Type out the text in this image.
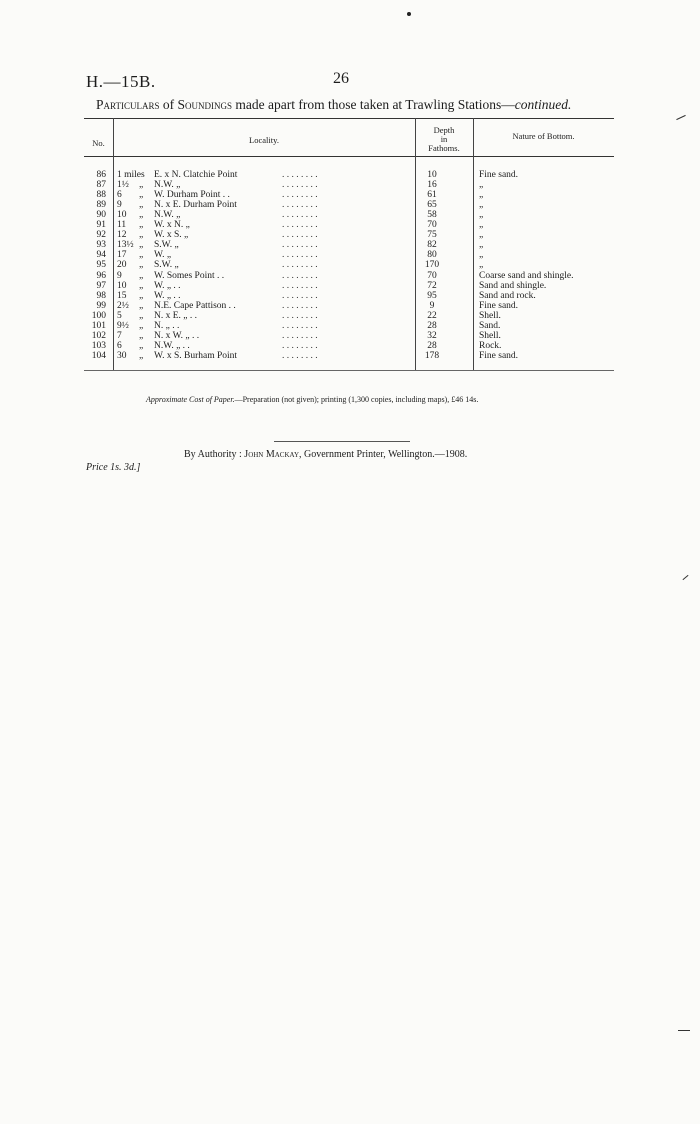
H.—15B.	26
Particulars of Soundings made apart from those taken at Trawling Stations—continued.
No.	Locality.
Depth
in
Fathoms.
Nature of Bottom.
86 1 miles E. x N. Clatchie Point	. . . . . . . .	10	Fine sand.
87 1½ „ N.W. „	. . . . . . . .	16	„
88 6 „ W. Durham Point . .	. . . . . . . .	61	„
89 9 „ N. x E. Durham Point	. . . . . . . .	65	„
90 10 „ N.W. „	. . . . . . . .	58	„
91 11 „ W. x N. „	. . . . . . . .	70	„
92 12 „ W. x S. „	. . . . . . . .	75	„
93 13½ „ S.W. „	. . . . . . . .	82	„
94 17 „ W. „	. . . . . . . .	80	„
95 20 „ S.W. „	. . . . . . . .	170	„
96 9 „ W. Somes Point . .	. . . . . . . .	70	Coarse sand and shingle.
97 10 „ W. „ . .	. . . . . . . .	72	Sand and shingle.
98 15 „ W. „ . .	. . . . . . . .	95	Sand and rock.
99 2½ „ N.E. Cape Pattison . .	. . . . . . . .	9	Fine sand.
100 5 „ N. x E. „ . .	. . . . . . . .	22	Shell.
101 9½ „ N. „ . .	. . . . . . . .	28	Sand.
102 7 „ N. x W. „ . .	. . . . . . . .	32	Shell.
103 6 „ N.W. „ . .	. . . . . . . .	28	Rock.
104 30 „ W. x S. Burham Point	. . . . . . . .	178	Fine sand.
Approximate Cost of Paper.—Preparation (not given); printing (1,300 copies, including maps), £46 14s.
By Authority : John Mackay, Government Printer, Wellington.—1908.
Price 1s. 3d.]
